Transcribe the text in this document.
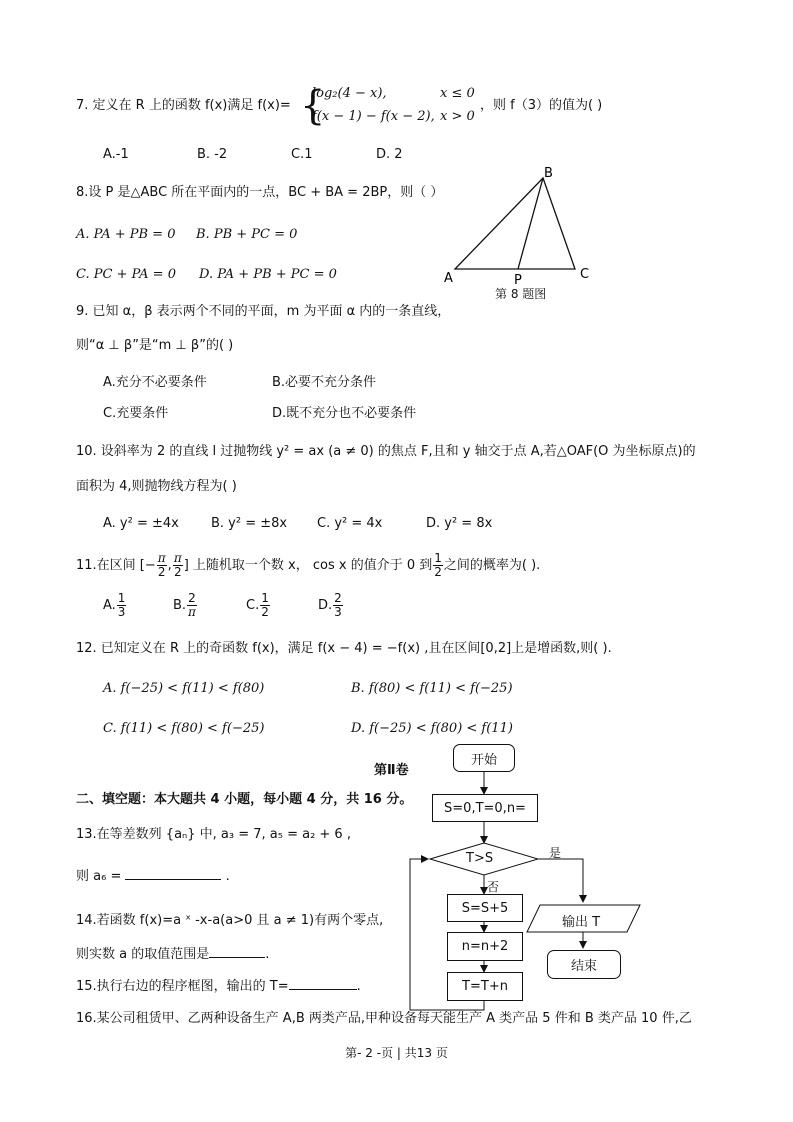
7. 定义在 R 上的函数 f(x)满足 f(x)= {
log₂(4 − x),	x ≤ 0
f(x − 1) − f(x − 2), x > 0
，则 f（3）的值为( )
A.-1	B. -2	C.1	D. 2
8.设 P 是△ABC 所在平面内的一点，BC + BA = 2BP，则（ ）
A. PA + PB = 0 B. PB + PC = 0
C. PC + PA = 0 D. PA + PB + PC = 0
B
A	P	C
第 8 题图
9. 已知 α，β 表示两个不同的平面，m 为平面 α 内的一条直线，
则“α ⊥ β”是“m ⊥ β”的( )
A.充分不必要条件	B.必要不充分条件
C.充要条件	D.既不充分也不必要条件
10. 设斜率为 2 的直线 l 过抛物线 y² = ax (a ≠ 0) 的焦点 F,且和 y 轴交于点 A,若△OAF(O 为坐标原点)的
面积为 4,则抛物线方程为( )
A. y² = ±4x B. y² = ±8x C. y² = 4x	D. y² = 8x
11.在区间 [− $\frac{\pi}{2}$ , $\frac{\pi}{2}$ ] 上随机取一个数 x， cos x 的值介于 0 到 $\frac{1}{2}$ 之间的概率为( ).
A. $\frac{1}{3}$	B. $\frac{2}{\pi}$	C. $\frac{1}{2}$	D. $\frac{2}{3}$
12. 已知定义在 R 上的奇函数 f(x)，满足 f(x − 4) = −f(x) ,且在区间[0,2]上是增函数,则( ).
A. f(−25) < f(11) < f(80)	B. f(80) < f(11) < f(−25)
C. f(11) < f(80) < f(−25)	D. f(−25) < f(80) < f(11)
第Ⅱ卷
二、填空题：本大题共 4 小题，每小题 4 分，共 16 分。
13.在等差数列 {aₙ} 中, a₃ = 7, a₅ = a₂ + 6 ,
则 a₆ =	.
14.若函数 f(x)=a ˣ -x-a(a>0 且 a ≠ 1)有两个零点,
则实数 a 的取值范围是	.
15.执行右边的程序框图，输出的 T=	.
16.某公司租赁甲、乙两种设备生产 A,B 两类产品,甲种设备每天能生产 A 类产品 5 件和 B 类产品 10 件,乙
开始
S=0,T=0,n=
T>S	是
否
S=S+5
n=n+2
T=T+n
输出 T
结束
第- 2 -页 | 共13 页
